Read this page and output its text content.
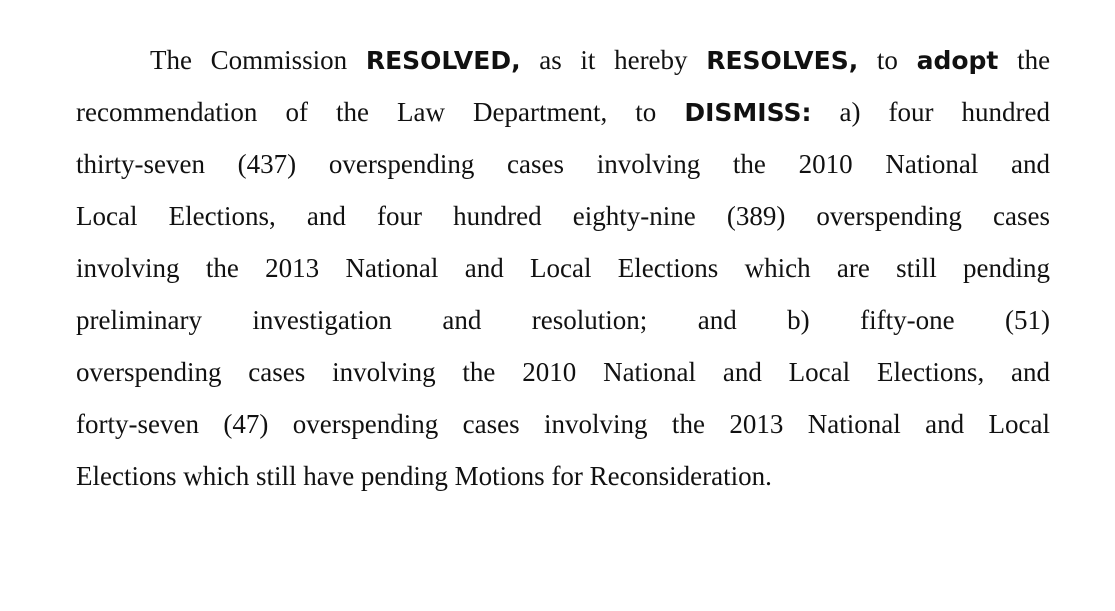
The Commission RESOLVED, as it hereby RESOLVES, to adopt the
recommendation of the Law Department, to DISMISS: a) four hundred
thirty-seven (437) overspending cases involving the 2010 National and
Local Elections, and four hundred eighty-nine (389) overspending cases
involving the 2013 National and Local Elections which are still pending
preliminary investigation and resolution; and b) fifty-one (51)
overspending cases involving the 2010 National and Local Elections, and
forty-seven (47) overspending cases involving the 2013 National and Local
Elections which still have pending Motions for Reconsideration.
